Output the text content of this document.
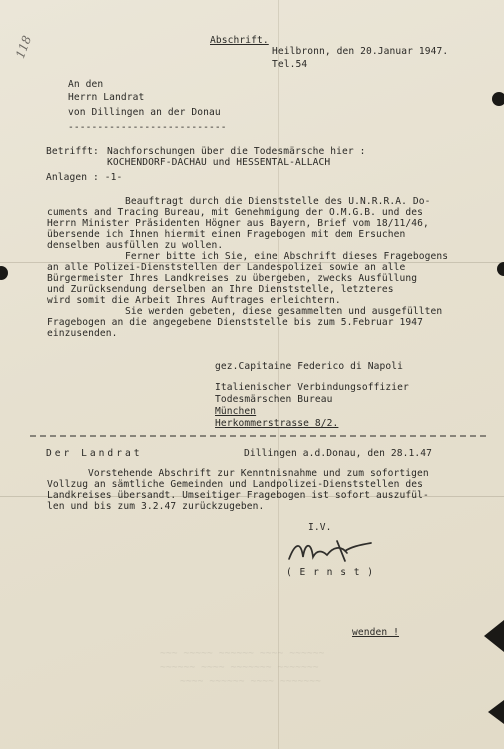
~~~ ~~~~~ ~~~~~~ ~~~~ ~~~~~~
~~~~~~ ~~~~ ~~~~~~~ ~~~~~~~
~~~~ ~~~~~~ ~~~~ ~~~~~~~
118	Abschrift.
Heilbronn, den 20.Januar 1947.
Tel.54
An den
Herrn Landrat
von Dillingen an der Donau
---------------------------
Betrifft: Nachforschungen über die Todesmärsche hier :
KOCHENDORF-DACHAU und HESSENTAL-ALLACH
Anlagen : -1-
Beauftragt durch die Dienststelle des U.N.R.R.A. Do-
cuments and Tracing Bureau, mit Genehmigung der O.M.G.B. und des
Herrn Minister Präsidenten Högner aus Bayern, Brief vom 18/11/46,
übersende ich Ihnen hiermit einen Fragebogen mit dem Ersuchen
denselben ausfüllen zu wollen.
Ferner bitte ich Sie, eine Abschrift dieses Fragebogens
an alle Polizei-Dienststellen der Landespolizei sowie an alle
Bürgermeister Ihres Landkreises zu übergeben, zwecks Ausfüllung
und Zurücksendung derselben an Ihre Dienststelle, letzteres
wird somit die Arbeit Ihres Auftrages erleichtern.
Sie werden gebeten, diese gesammelten und ausgefüllten
Fragebogen an die angegebene Dienststelle bis zum 5.Februar 1947
einzusenden.
gez.Capitaine Federico di Napoli
Italienischer Verbindungsoffizier
Todesmärschen Bureau
München
Herkommerstrasse 8/2.
Der Landrat	Dillingen a.d.Donau, den 28.1.47
Vorstehende Abschrift zur Kenntnisnahme und zum sofortigen
Vollzug an sämtliche Gemeinden und Landpolizei-Dienststellen des
Landkreises übersandt. Umseitiger Fragebogen ist sofort auszufül-
len und bis zum 3.2.47 zurückzugeben.
I.V.
( E r n s t )
wenden !
